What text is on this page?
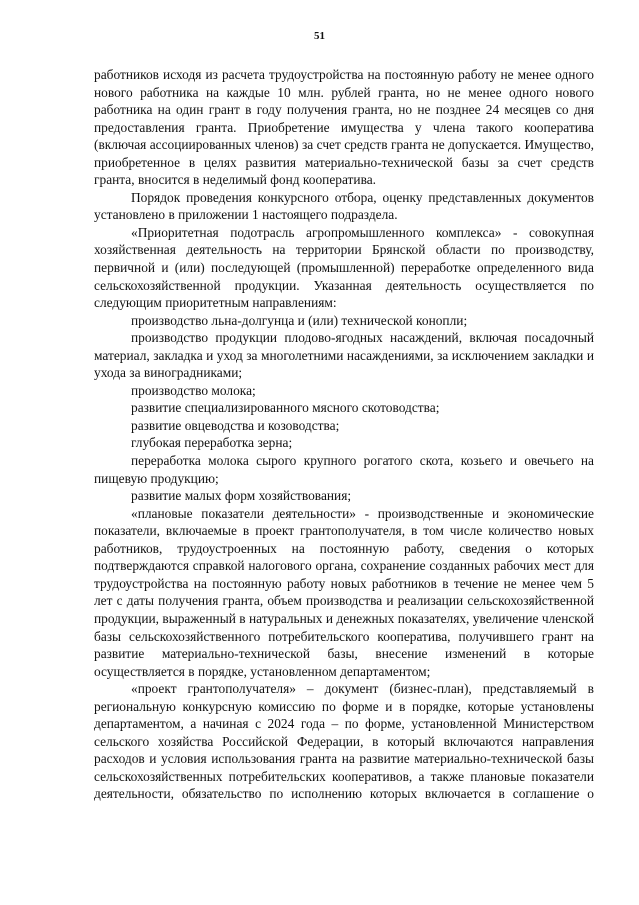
51

работников исходя из расчета трудоустройства на постоянную работу не менее одного нового работника на каждые 10 млн. рублей гранта, но не менее одного нового работника на один грант в году получения гранта, но не позднее 24 месяцев со дня предоставления гранта. Приобретение имущества у члена такого кооператива (включая ассоциированных членов) за счет средств гранта не допускается. Имущество, приобретенное в целях развития материально-технической базы за счет средств гранта, вносится в неделимый фонд кооператива.

Порядок проведения конкурсного отбора, оценку представленных документов установлено в приложении 1 настоящего подраздела.

«Приоритетная подотрасль агропромышленного комплекса» - совокупная хозяйственная деятельность на территории Брянской области по производству, первичной и (или) последующей (промышленной) переработке определенного вида сельскохозяйственной продукции. Указанная деятельность осуществляется по следующим приоритетным направлениям:

производство льна-долгунца и (или) технической конопли;

производство продукции плодово-ягодных насаждений, включая посадочный материал, закладка и уход за многолетними насаждениями, за исключением закладки и ухода за виноградниками;

производство молока;

развитие специализированного мясного скотоводства;

развитие овцеводства и козоводства;

глубокая переработка зерна;

переработка молока сырого крупного рогатого скота, козьего и овечьего на пищевую продукцию;

развитие малых форм хозяйствования;

«плановые показатели деятельности» - производственные и экономические показатели, включаемые в проект грантополучателя, в том числе количество новых работников, трудоустроенных на постоянную работу, сведения о которых подтверждаются справкой налогового органа, сохранение созданных рабочих мест для трудоустройства на постоянную работу новых работников в течение не менее чем 5 лет с даты получения гранта, объем производства и реализации сельскохозяйственной продукции, выраженный в натуральных и денежных показателях, увеличение членской базы сельскохозяйственного потребительского кооператива, получившего грант на развитие материально-технической базы, внесение изменений в которые осуществляется в порядке, установленном департаментом;

«проект грантополучателя» – документ (бизнес-план), представляемый в региональную конкурсную комиссию по форме и в порядке, которые установлены департаментом, а начиная с 2024 года – по форме, установленной Министерством сельского хозяйства Российской Федерации, в который включаются направления расходов и условия использования гранта на развитие материально-технической базы сельскохозяйственных потребительских кооперативов, а также плановые показатели деятельности, обязательство по исполнению которых включается в соглашение о
